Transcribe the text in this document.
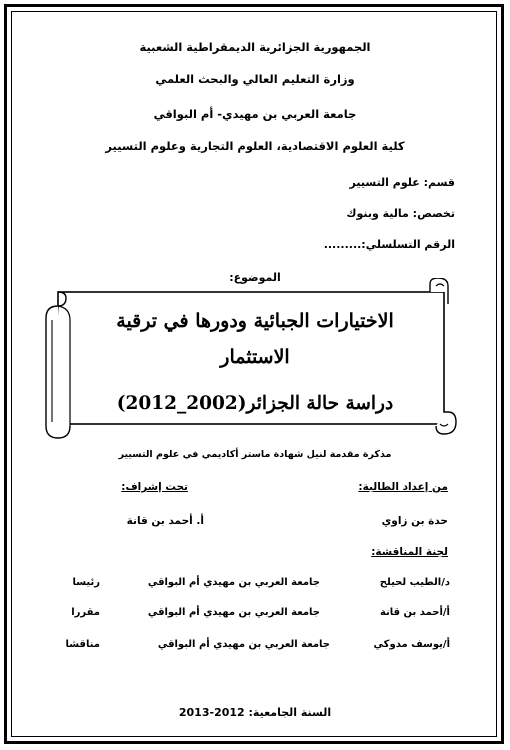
الجمهورية الجزائرية الديمقراطية الشعبية
وزارة التعليم العالي والبحث العلمي
جامعة العربي بن مهيدي- أم البواقي
كلية العلوم الاقتصادية، العلوم التجارية وعلوم التسيير
قسم: علوم التسيير
تخصص: مالية وبنوك
الرقم التسلسلي:.........
الموضوع:
الاختيارات الجبائية ودورها في ترقية
الاستثمار
دراسة حالة الجزائر(2002_2012)
مذكرة مقدمة لنيل شهادة ماستر أكاديمي في علوم التسيير
من إعداد الطالبة:
تحت إشراف:
حدة بن زاوي
أ. أحمد بن قانة
لجنة المناقشة:
د/الطيب لحيلح
جامعة العربي بن مهيدي أم البواقي
رئيسا
أ/أحمد بن قانة
جامعة العربي بن مهيدي أم البواقي
مقررا
أ/يوسف مدوكي
جامعة العربي بن مهيدي أم البواقي
مناقشا
السنة الجامعية: 2012-2013
